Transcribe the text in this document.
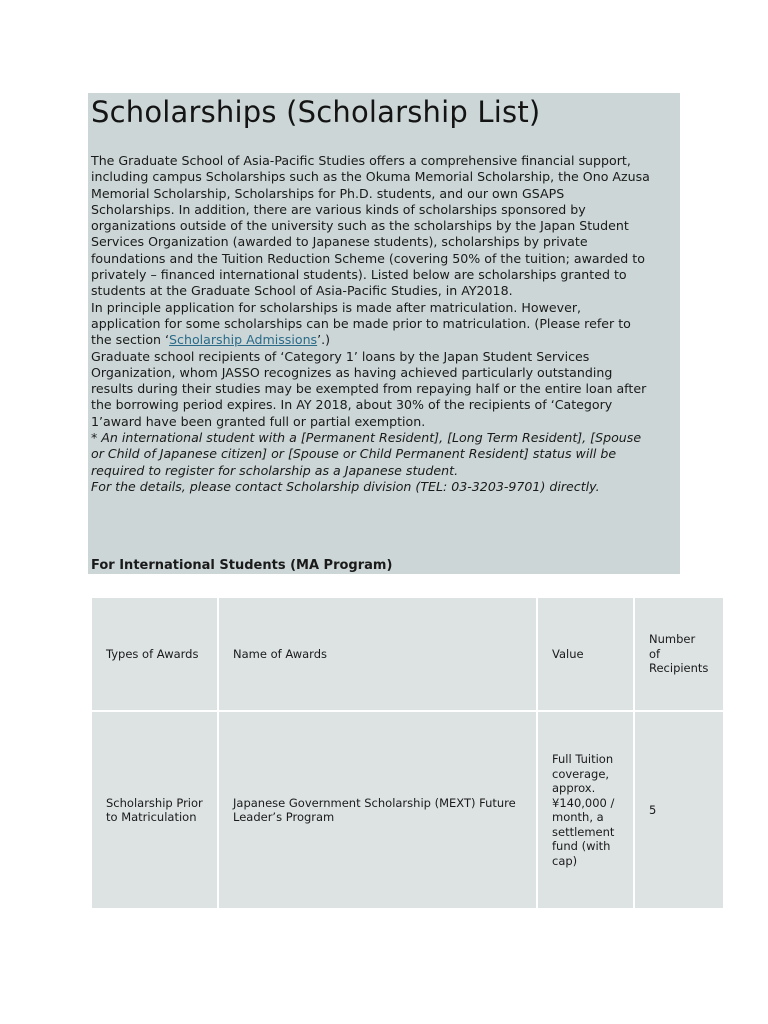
Scholarships (Scholarship List)

The Graduate School of Asia-Pacific Studies offers a comprehensive financial support,
including campus Scholarships such as the Okuma Memorial Scholarship, the Ono Azusa
Memorial Scholarship, Scholarships for Ph.D. students, and our own GSAPS
Scholarships. In addition, there are various kinds of scholarships sponsored by
organizations outside of the university such as the scholarships by the Japan Student
Services Organization (awarded to Japanese students), scholarships by private
foundations and the Tuition Reduction Scheme (covering 50% of the tuition; awarded to
privately – financed international students). Listed below are scholarships granted to
students at the Graduate School of Asia-Pacific Studies, in AY2018.

In principle application for scholarships is made after matriculation. However,
application for some scholarships can be made prior to matriculation. (Please refer to
the section ‘Scholarship Admissions’.)

Graduate school recipients of ‘Category 1’ loans by the Japan Student Services
Organization, whom JASSO recognizes as having achieved particularly outstanding
results during their studies may be exempted from repaying half or the entire loan after
the borrowing period expires. In AY 2018, about 30% of the recipients of ‘Category
1’award have been granted full or partial exemption.

* An international student with a [Permanent Resident], [Long Term Resident], [Spouse
or Child of Japanese citizen] or [Spouse or Child Permanent Resident] status will be
required to register for scholarship as a Japanese student.

For the details, please contact Scholarship division (TEL: 03-3203-9701) directly.

For International Students (MA Program)
Types of Awards	Name of Awards	Value	Number of Recipients

Scholarship Prior to Matriculation	Japanese Government Scholarship (MEXT) Future Leader’s Program	Full Tuition coverage, approx. ¥140,000 / month, a settlement fund (with cap)	5
